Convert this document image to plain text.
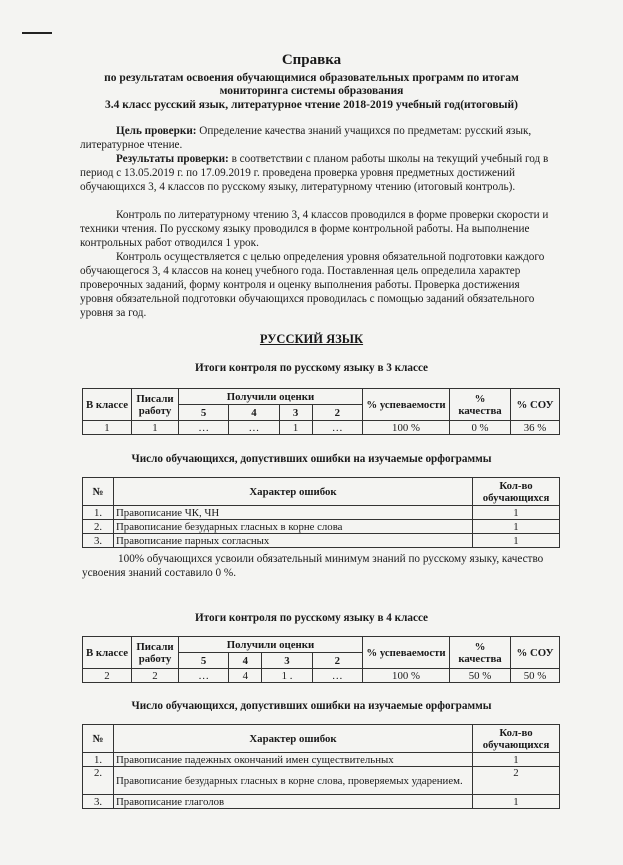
Справка
по результатам освоения обучающимися образовательных программ по итогам
мониторинга системы образования
3.4 класс русский язык, литературное чтение 2018-2019 учебный год(итоговый)
Цель проверки: Определение качества знаний учащихся по предметам: русский язык, литературное чтение.
Результаты проверки: в соответствии с планом работы школы на текущий учебный год в период с 13.05.2019 г. по 17.09.2019 г. проведена проверка уровня предметных достижений обучающихся 3, 4 классов по русскому языку, литературному чтению (итоговый контроль).
Контроль по литературному чтению 3, 4 классов проводился в форме проверки скорости и техники чтения. По русскому языку проводился в форме контрольной работы. На выполнение контрольных работ отводился 1 урок.
Контроль осуществляется с целью определения уровня обязательной подготовки каждого обучающегося 3, 4 классов на конец учебного года. Поставленная цель определила характер проверочных заданий, форму контроля и оценку выполнения работы. Проверка достижения уровня обязательной подготовки обучающихся проводилась с помощью заданий обязательного уровня за год.
РУССКИЙ ЯЗЫК
Итоги контроля по русскому языку в 3 классе
В классе	Писали работу	Получили оценки				% успеваемости	% качества	% СОУ
		5	4	3	2			
1	1	…	…	1	…	100 %	0 %	36 %
Число обучающихся, допустивших ошибки на изучаемые орфограммы
№	Характер ошибок	Кол-во обучающихся
1.	Правописание ЧК, ЧН	1
2.	Правописание безударных гласных в корне слова	1
3.	Правописание парных согласных	1
100% обучающихся усвоили обязательный минимум знаний по русскому языку, качество усвоения знаний составило 0 %.
Итоги контроля по русскому языку в 4 классе
В классе	Писали работу	Получили оценки				% успеваемости	% качества	% СОУ
		5	4	3	2			
2	2	…	4	1 .	…	100 %	50 %	50 %
Число обучающихся, допустивших ошибки на изучаемые орфограммы
№	Характер ошибок	Кол-во обучающихся
1.	Правописание падежных окончаний имен существительных	1
2.	Правописание безударных гласных в корне слова, проверяемых ударением.	2
3.	Правописание глаголов	1
